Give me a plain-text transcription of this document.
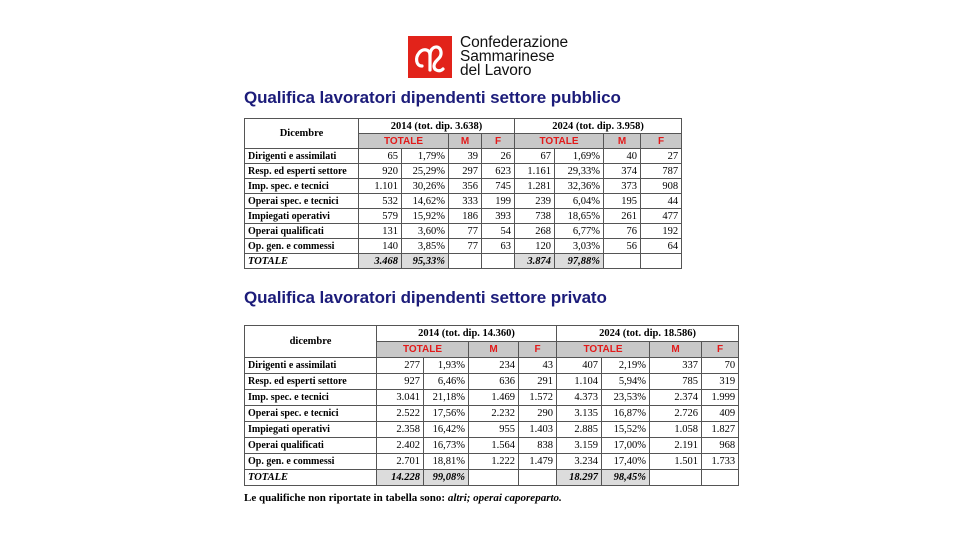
Confederazione
Sammarinese
del Lavoro
Qualifica lavoratori dipendenti settore pubblico
Dicembre	2014 (tot. dip. 3.638)				2024 (tot. dip. 3.958)			
	TOTALE		M	F	TOTALE		M	F
Dirigenti e assimilati	65	1,79%	39	26	67	1,69%	40	27
Resp. ed esperti settore	920	25,29%	297	623	1.161	29,33%	374	787
Imp. spec. e tecnici	1.101	30,26%	356	745	1.281	32,36%	373	908
Operai spec. e tecnici	532	14,62%	333	199	239	6,04%	195	44
Impiegati operativi	579	15,92%	186	393	738	18,65%	261	477
Operai qualificati	131	3,60%	77	54	268	6,77%	76	192
Op. gen. e commessi	140	3,85%	77	63	120	3,03%	56	64
TOTALE	3.468	95,33%			3.874	97,88%		
Qualifica lavoratori dipendenti settore privato
dicembre	2014 (tot. dip. 14.360)				2024 (tot. dip. 18.586)			
	TOTALE		M	F	TOTALE		M	F
Dirigenti e assimilati	277	1,93%	234	43	407	2,19%	337	70
Resp. ed esperti settore	927	6,46%	636	291	1.104	5,94%	785	319
Imp. spec. e tecnici	3.041	21,18%	1.469	1.572	4.373	23,53%	2.374	1.999
Operai spec. e tecnici	2.522	17,56%	2.232	290	3.135	16,87%	2.726	409
Impiegati operativi	2.358	16,42%	955	1.403	2.885	15,52%	1.058	1.827
Operai qualificati	2.402	16,73%	1.564	838	3.159	17,00%	2.191	968
Op. gen. e commessi	2.701	18,81%	1.222	1.479	3.234	17,40%	1.501	1.733
TOTALE	14.228	99,08%			18.297	98,45%		
Le qualifiche non riportate in tabella sono: altri; operai caporeparto.
